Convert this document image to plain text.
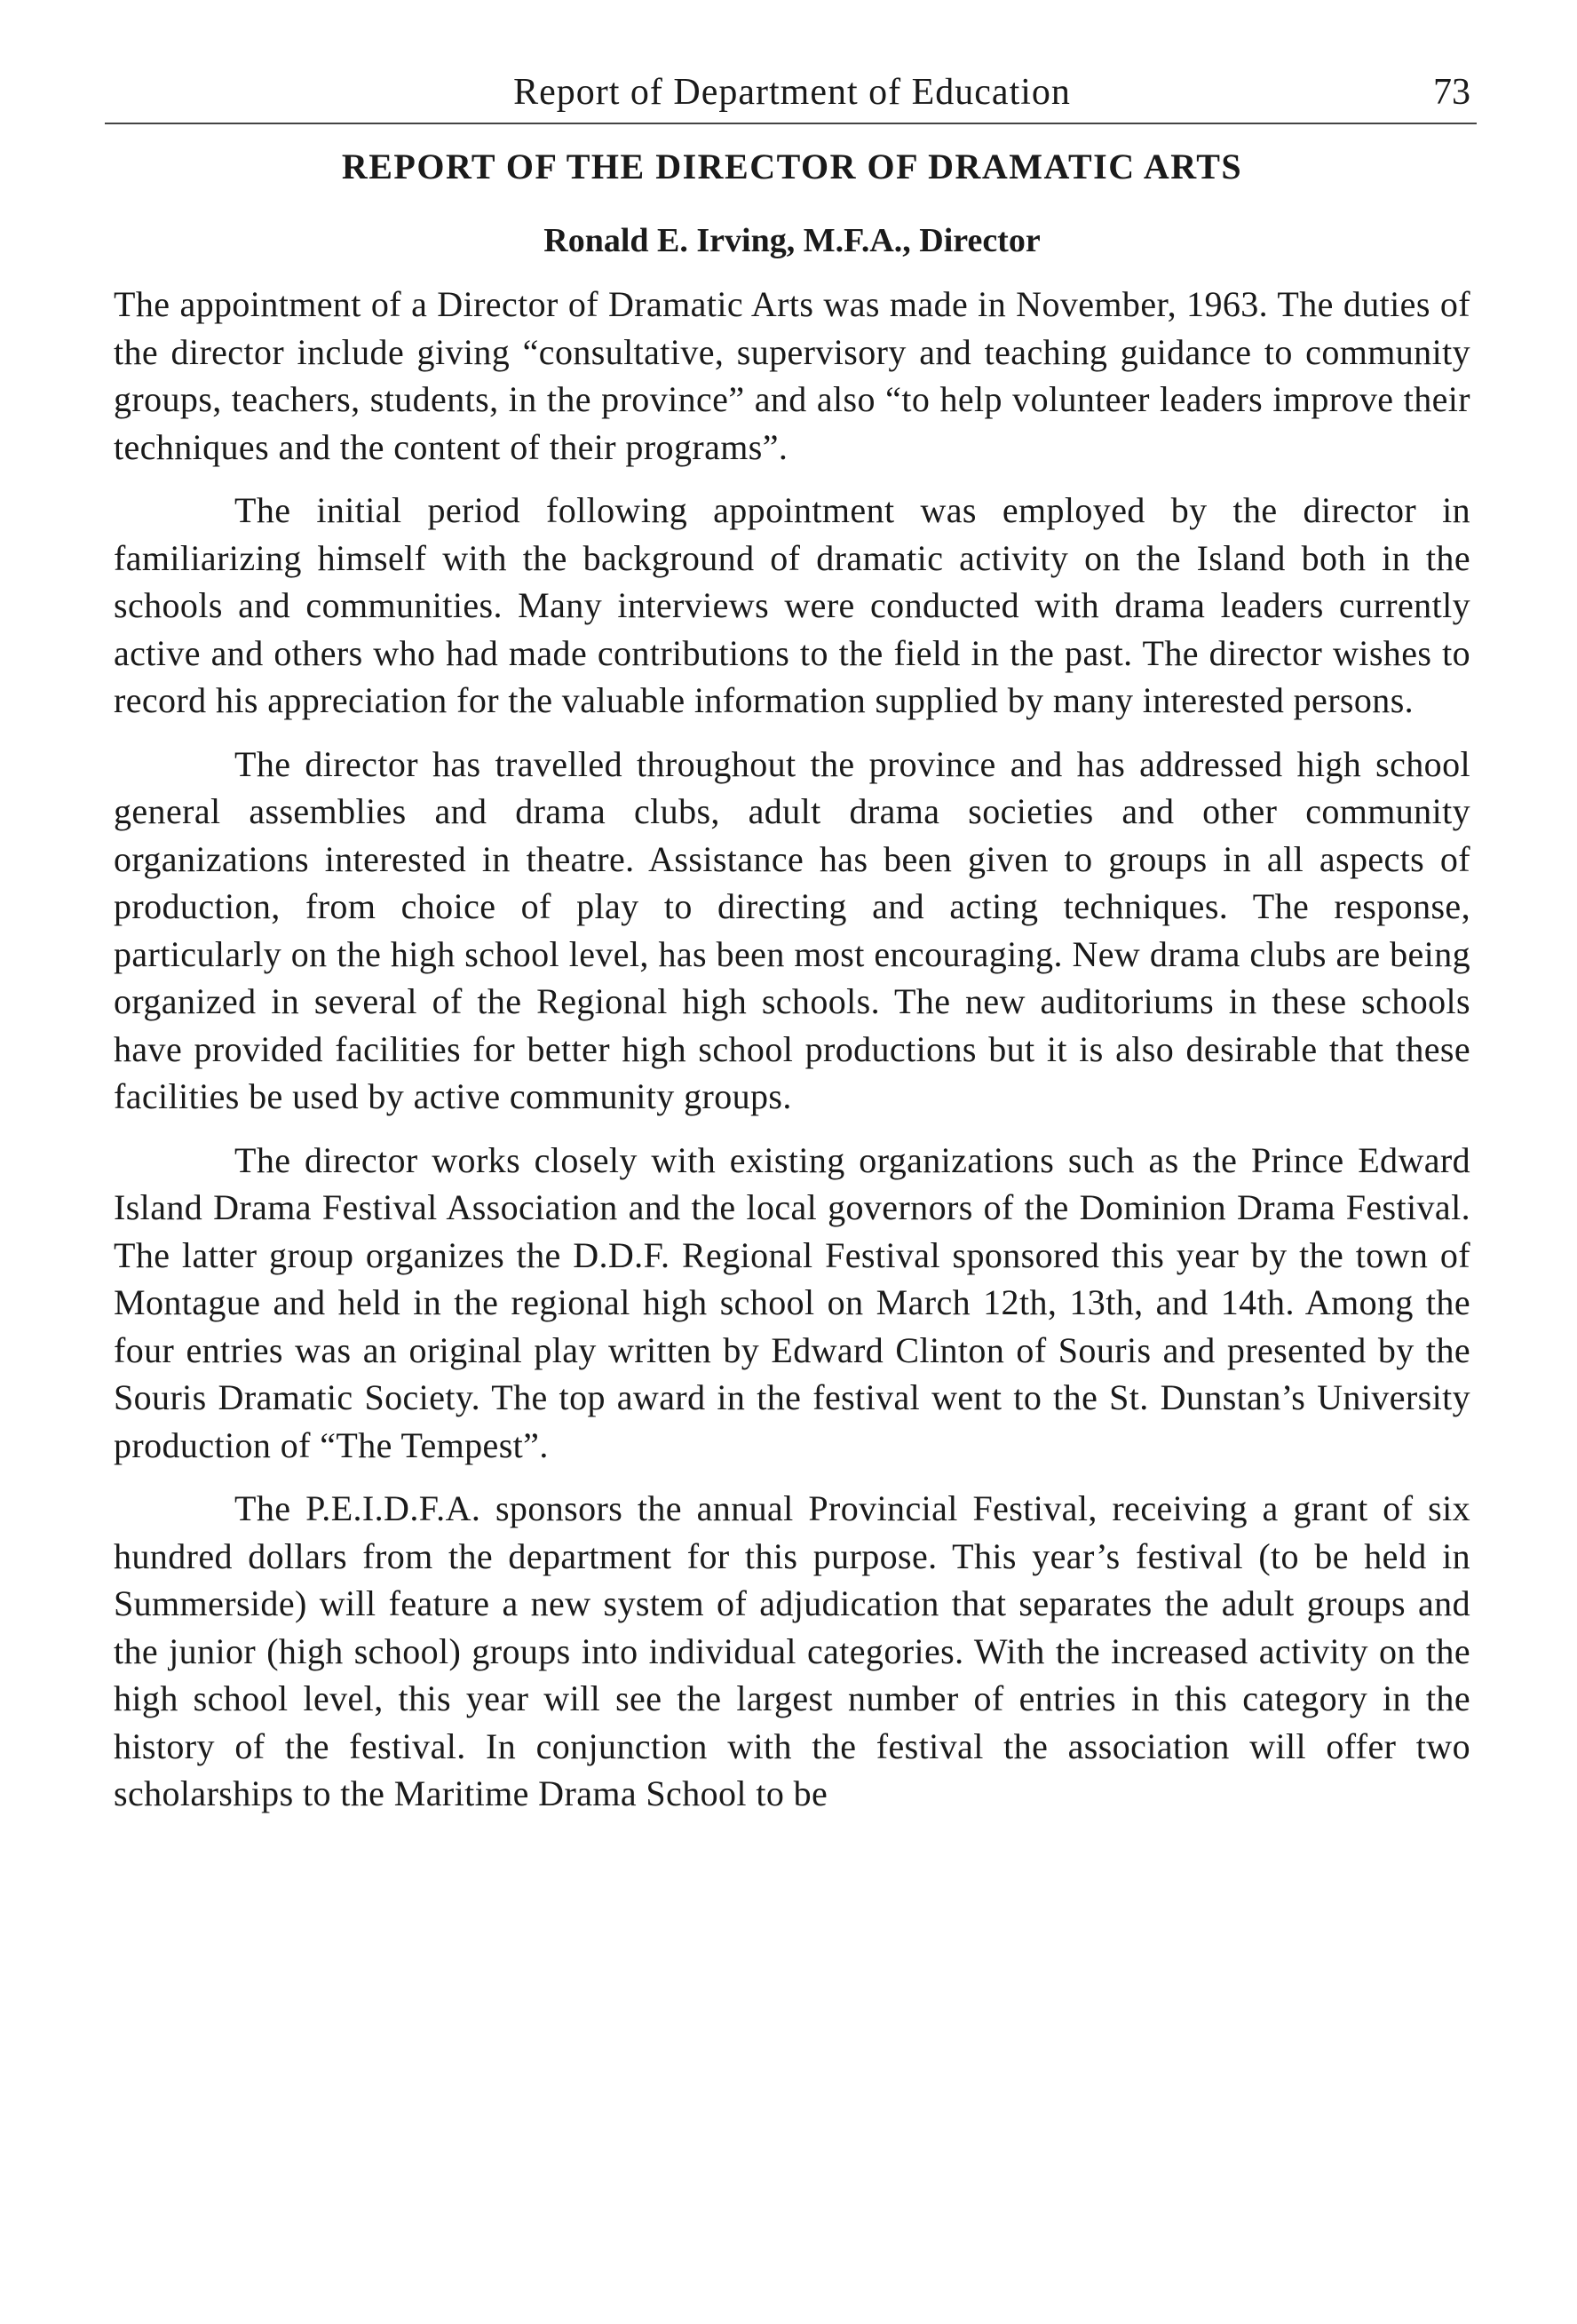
Report of Department of Education	73
REPORT OF THE DIRECTOR OF DRAMATIC ARTS
Ronald E. Irving, M.F.A., Director

The appointment of a Director of Dramatic Arts was made in November, 1963. The duties of the director include giving “consultative, supervisory and teaching guidance to community groups, teachers, students, in the province” and also “to help volunteer leaders improve their techniques and the content of their programs”.

The initial period following appointment was employed by the director in familiarizing himself with the background of dramatic activity on the Island both in the schools and communities. Many interviews were conducted with drama leaders currently active and others who had made contributions to the field in the past. The director wishes to record his appreciation for the valuable information supplied by many interested persons.

The director has travelled throughout the province and has addressed high school general assemblies and drama clubs, adult drama societies and other community organizations interested in theatre. Assistance has been given to groups in all aspects of production, from choice of play to directing and acting techniques. The response, particularly on the high school level, has been most encouraging. New drama clubs are being organized in several of the Regional high schools. The new auditoriums in these schools have provided facilities for better high school productions but it is also desirable that these facilities be used by active community groups.

The director works closely with existing organizations such as the Prince Edward Island Drama Festival Association and the local governors of the Dominion Drama Festival. The latter group organizes the D.D.F. Regional Festival sponsored this year by the town of Montague and held in the regional high school on March 12th, 13th, and 14th. Among the four entries was an original play written by Edward Clinton of Souris and presented by the Souris Dramatic Society. The top award in the festival went to the St. Dunstan’s University production of “The Tempest”.

The P.E.I.D.F.A. sponsors the annual Provincial Festival, receiving a grant of six hundred dollars from the department for this purpose. This year’s festival (to be held in Summerside) will feature a new system of adjudication that separates the adult groups and the junior (high school) groups into individual categories. With the increased activity on the high school level, this year will see the largest number of entries in this category in the history of the festival. In conjunction with the festival the association will offer two scholarships to the Maritime Drama School to be
